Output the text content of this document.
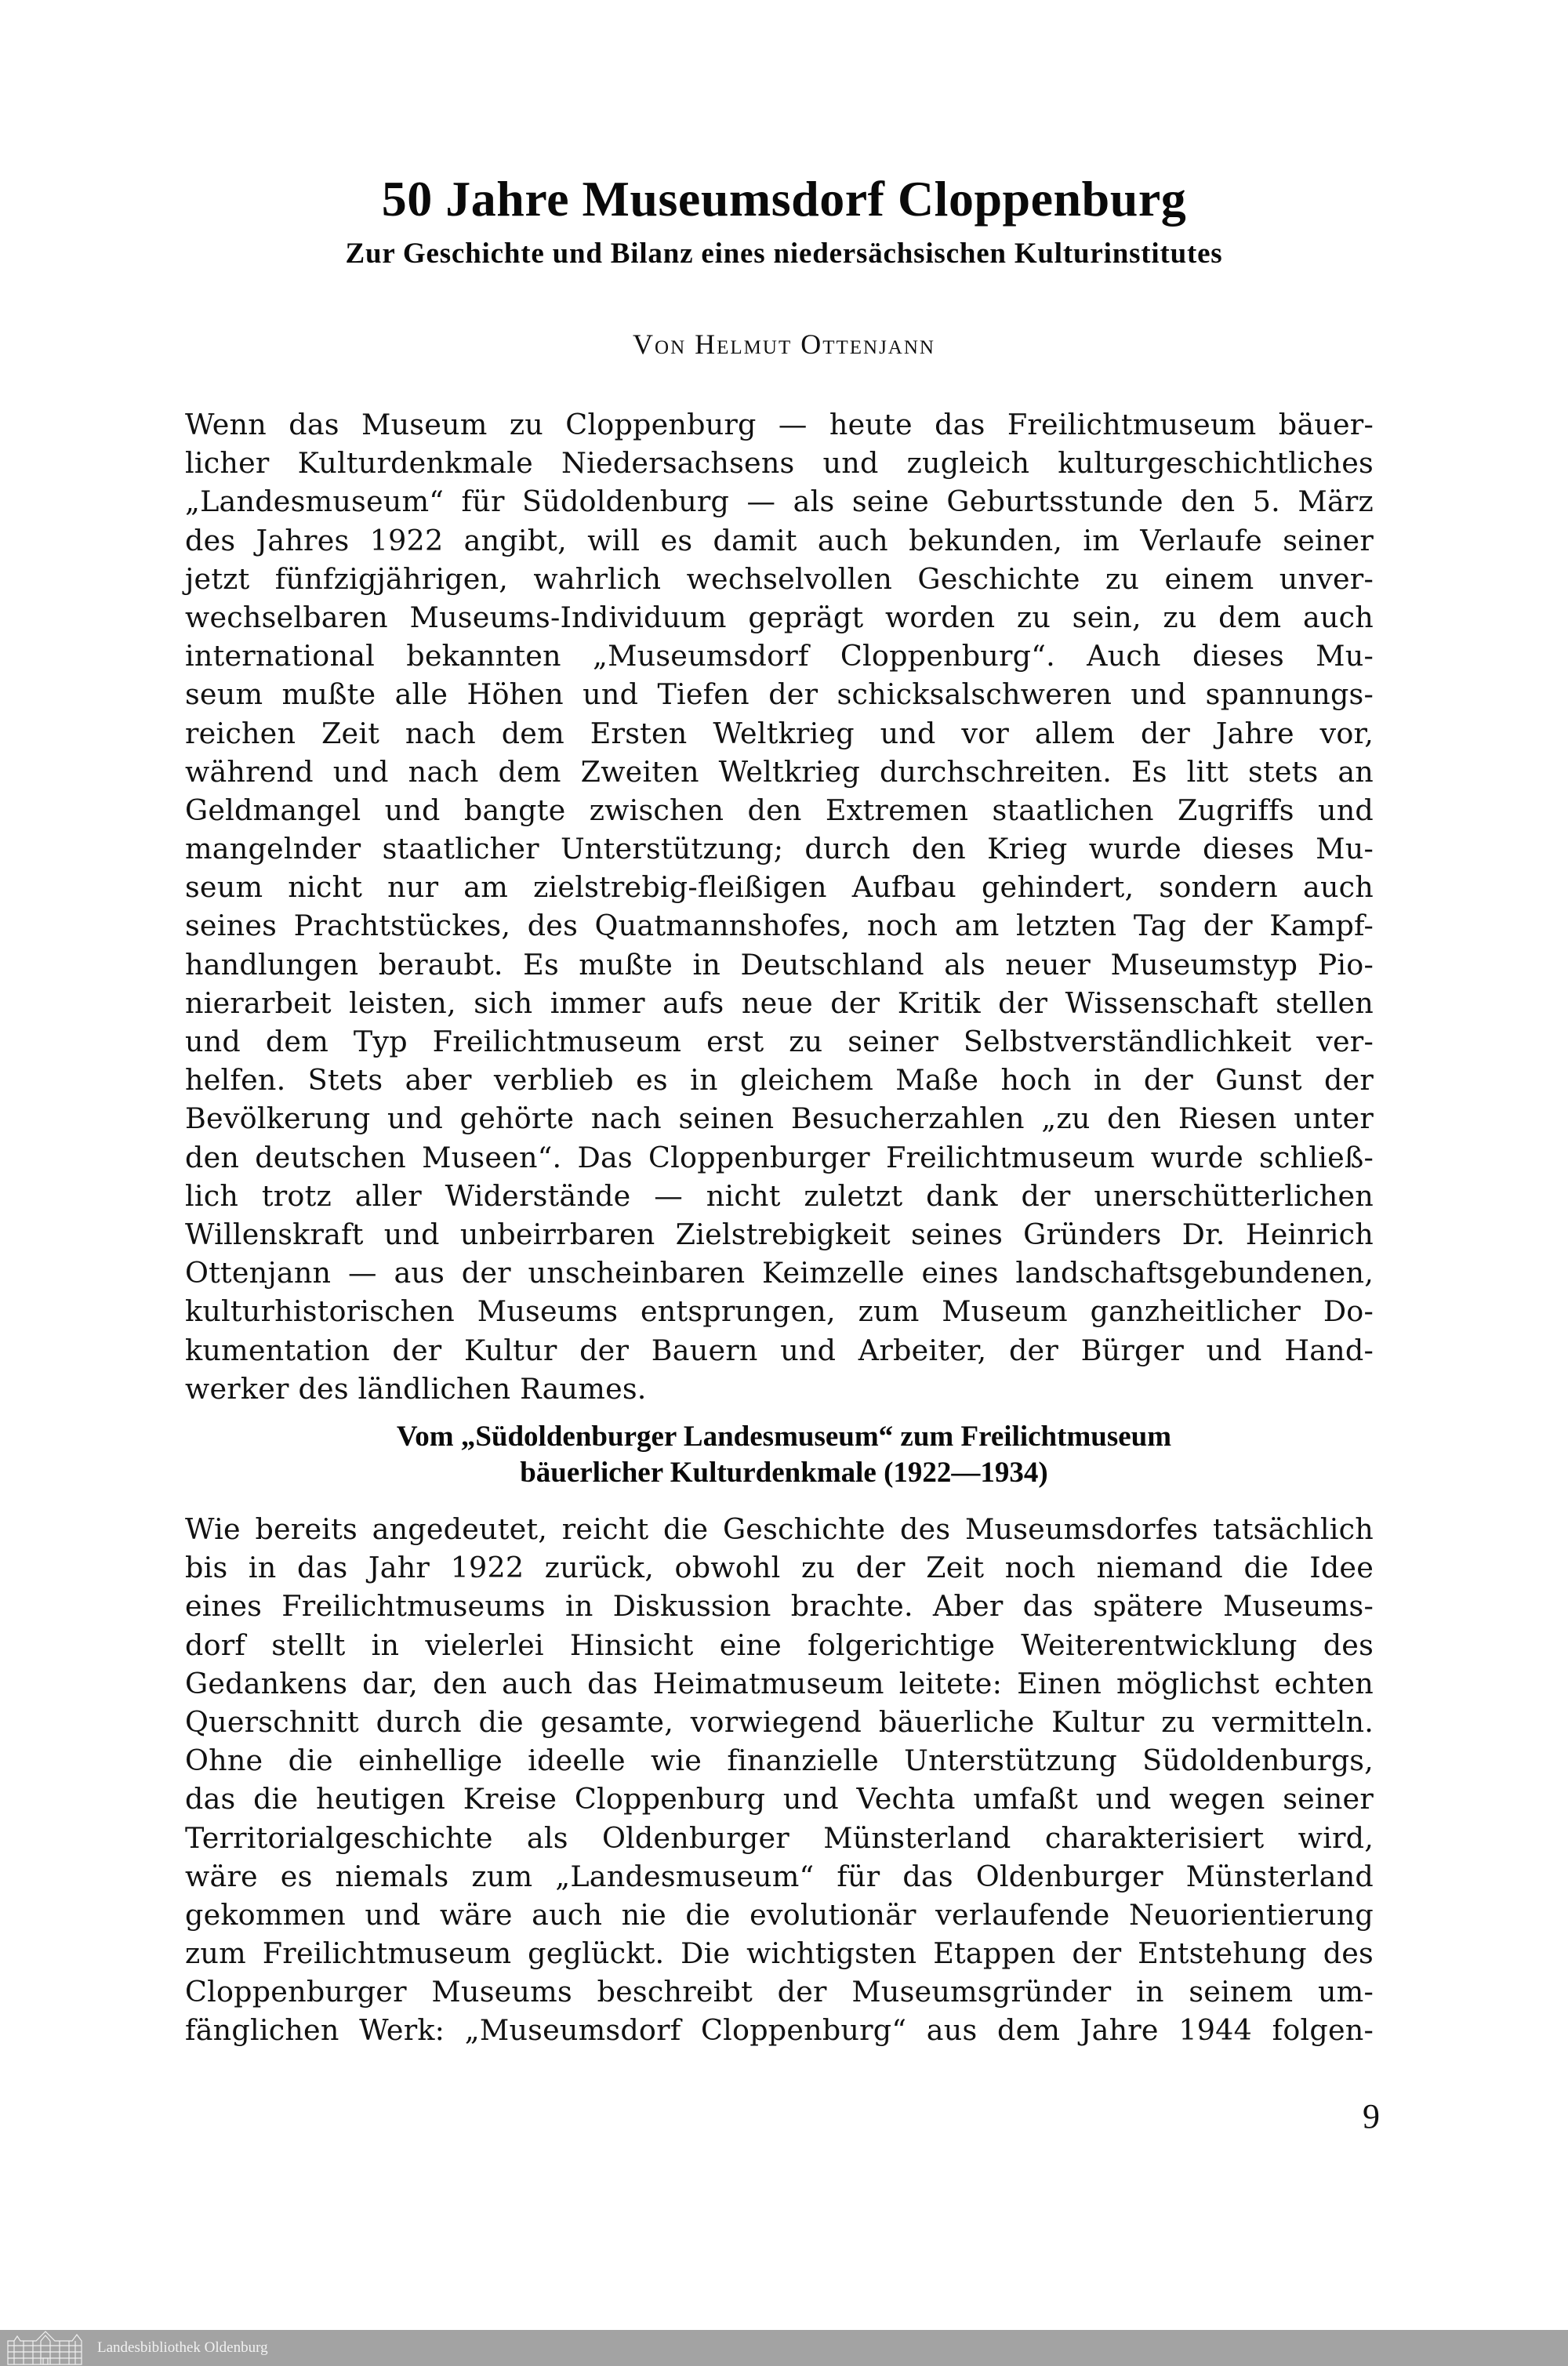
50 Jahre Museumsdorf Cloppenburg
Zur Geschichte und Bilanz eines niedersächsischen Kulturinstitutes
Von Helmut Ottenjann
Wenn das Museum zu Cloppenburg — heute das Freilichtmuseum bäuer-
licher Kulturdenkmale Niedersachsens und zugleich kulturgeschichtliches
„Landesmuseum“ für Südoldenburg — als seine Geburtsstunde den 5. März
des Jahres 1922 angibt, will es damit auch bekunden, im Verlaufe seiner
jetzt fünfzigjährigen, wahrlich wechselvollen Geschichte zu einem unver-
wechselbaren Museums-Individuum geprägt worden zu sein, zu dem auch
international bekannten „Museumsdorf Cloppenburg“. Auch dieses Mu-
seum mußte alle Höhen und Tiefen der schicksalschweren und spannungs-
reichen Zeit nach dem Ersten Weltkrieg und vor allem der Jahre vor,
während und nach dem Zweiten Weltkrieg durchschreiten. Es litt stets an
Geldmangel und bangte zwischen den Extremen staatlichen Zugriffs und
mangelnder staatlicher Unterstützung; durch den Krieg wurde dieses Mu-
seum nicht nur am zielstrebig-fleißigen Aufbau gehindert, sondern auch
seines Prachtstückes, des Quatmannshofes, noch am letzten Tag der Kampf-
handlungen beraubt. Es mußte in Deutschland als neuer Museumstyp Pio-
nierarbeit leisten, sich immer aufs neue der Kritik der Wissenschaft stellen
und dem Typ Freilichtmuseum erst zu seiner Selbstverständlichkeit ver-
helfen. Stets aber verblieb es in gleichem Maße hoch in der Gunst der
Bevölkerung und gehörte nach seinen Besucherzahlen „zu den Riesen unter
den deutschen Museen“. Das Cloppenburger Freilichtmuseum wurde schließ-
lich trotz aller Widerstände — nicht zuletzt dank der unerschütterlichen
Willenskraft und unbeirrbaren Zielstrebigkeit seines Gründers Dr. Heinrich
Ottenjann — aus der unscheinbaren Keimzelle eines landschaftsgebundenen,
kulturhistorischen Museums entsprungen, zum Museum ganzheitlicher Do-
kumentation der Kultur der Bauern und Arbeiter, der Bürger und Hand-
werker des ländlichen Raumes.
Vom „Südoldenburger Landesmuseum“ zum Freilichtmuseum
bäuerlicher Kulturdenkmale (1922—1934)
Wie bereits angedeutet, reicht die Geschichte des Museumsdorfes tatsächlich
bis in das Jahr 1922 zurück, obwohl zu der Zeit noch niemand die Idee
eines Freilichtmuseums in Diskussion brachte. Aber das spätere Museums-
dorf stellt in vielerlei Hinsicht eine folgerichtige Weiterentwicklung des
Gedankens dar, den auch das Heimatmuseum leitete: Einen möglichst echten
Querschnitt durch die gesamte, vorwiegend bäuerliche Kultur zu vermitteln.
Ohne die einhellige ideelle wie finanzielle Unterstützung Südoldenburgs,
das die heutigen Kreise Cloppenburg und Vechta umfaßt und wegen seiner
Territorialgeschichte als Oldenburger Münsterland charakterisiert wird,
wäre es niemals zum „Landesmuseum“ für das Oldenburger Münsterland
gekommen und wäre auch nie die evolutionär verlaufende Neuorientierung
zum Freilichtmuseum geglückt. Die wichtigsten Etappen der Entstehung des
Cloppenburger Museums beschreibt der Museumsgründer in seinem um-
fänglichen Werk: „Museumsdorf Cloppenburg“ aus dem Jahre 1944 folgen-
9
Landesbibliothek Oldenburg
